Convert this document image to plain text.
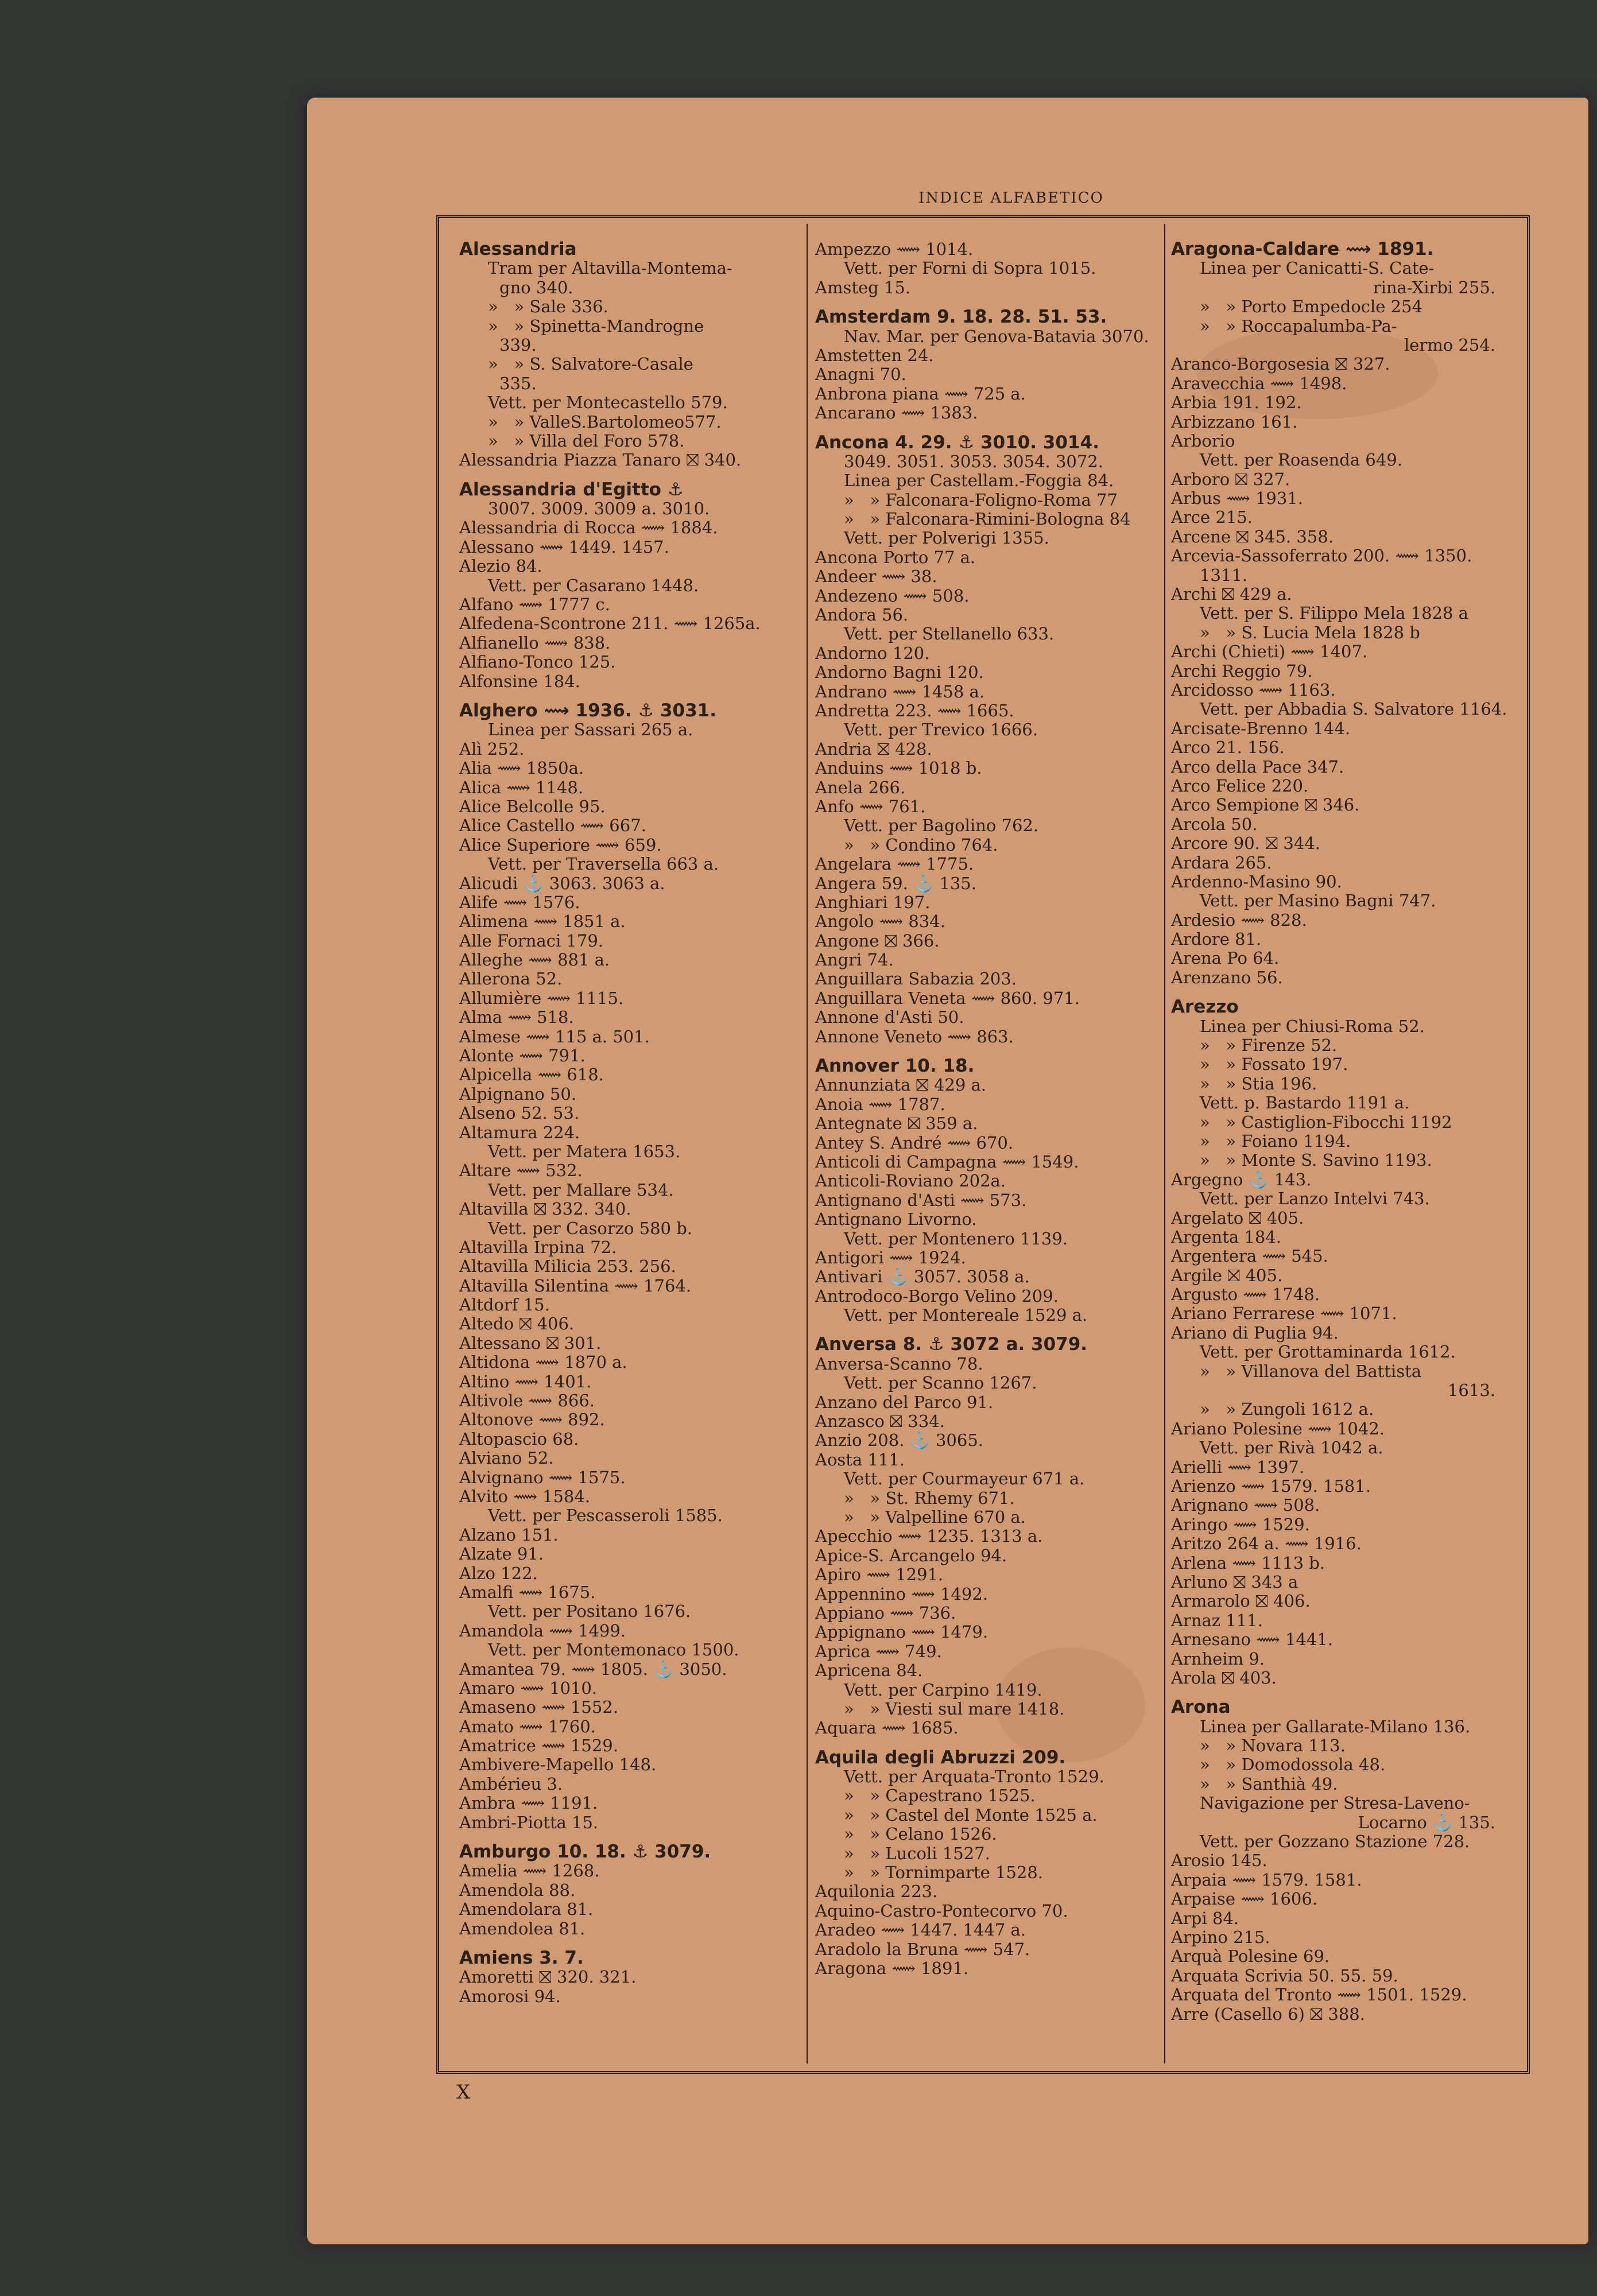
INDICE ALFABETICO
Alessandria
Tram per Altavilla-Montema-
gno 340.
»   » Sale 336.
»   » Spinetta-Mandrogne
339.
»   » S. Salvatore-Casale
335.
Vett. per Montecastello 579.
»   » ValleS.Bartolomeo577.
»   » Villa del Foro 578.
Alessandria Piazza Tanaro ⛝ 340.
Alessandria d'Egitto ⚓
3007. 3009. 3009 a. 3010.
Alessandria di Rocca ⟿ 1884.
Alessano ⟿ 1449. 1457.
Alezio 84.
Vett. per Casarano 1448.
Alfano ⟿ 1777 c.
Alfedena-Scontrone 211. ⟿ 1265a.
Alfianello ⟿ 838.
Alfiano-Tonco 125.
Alfonsine 184.
Alghero ⟿ 1936. ⚓ 3031.
Linea per Sassari 265 a.
Alì 252.
Alia ⟿ 1850a.
Alica ⟿ 1148.
Alice Belcolle 95.
Alice Castello ⟿ 667.
Alice Superiore ⟿ 659.
Vett. per Traversella 663 a.
Alicudi ⚓ 3063. 3063 a.
Alife ⟿ 1576.
Alimena ⟿ 1851 a.
Alle Fornaci 179.
Alleghe ⟿ 881 a.
Allerona 52.
Allumière ⟿ 1115.
Alma ⟿ 518.
Almese ⟿ 115 a. 501.
Alonte ⟿ 791.
Alpicella ⟿ 618.
Alpignano 50.
Alseno 52. 53.
Altamura 224.
Vett. per Matera 1653.
Altare ⟿ 532.
Vett. per Mallare 534.
Altavilla ⛝ 332. 340.
Vett. per Casorzo 580 b.
Altavilla Irpina 72.
Altavilla Milicia 253. 256.
Altavilla Silentina ⟿ 1764.
Altdorf 15.
Altedo ⛝ 406.
Altessano ⛝ 301.
Altidona ⟿ 1870 a.
Altino ⟿ 1401.
Altivole ⟿ 866.
Altonove ⟿ 892.
Altopascio 68.
Alviano 52.
Alvignano ⟿ 1575.
Alvito ⟿ 1584.
Vett. per Pescasseroli 1585.
Alzano 151.
Alzate 91.
Alzo 122.
Amalfi ⟿ 1675.
Vett. per Positano 1676.
Amandola ⟿ 1499.
Vett. per Montemonaco 1500.
Amantea 79. ⟿ 1805. ⚓ 3050.
Amaro ⟿ 1010.
Amaseno ⟿ 1552.
Amato ⟿ 1760.
Amatrice ⟿ 1529.
Ambivere-Mapello 148.
Ambérieu 3.
Ambra ⟿ 1191.
Ambri-Piotta 15.
Amburgo 10. 18. ⚓ 3079.
Amelia ⟿ 1268.
Amendola 88.
Amendolara 81.
Amendolea 81.
Amiens 3. 7.
Amoretti ⛝ 320. 321.
Amorosi 94.
Ampezzo ⟿ 1014.
Vett. per Forni di Sopra 1015.
Amsteg 15.
Amsterdam 9. 18. 28. 51. 53.
Nav. Mar. per Genova-Batavia 3070.
Amstetten 24.
Anagni 70.
Anbrona piana ⟿ 725 a.
Ancarano ⟿ 1383.
Ancona 4. 29. ⚓ 3010. 3014.
3049. 3051. 3053. 3054. 3072.
Linea per Castellam.-Foggia 84.
»   » Falconara-Foligno-Roma 77
»   » Falconara-Rimini-Bologna 84
Vett. per Polverigi 1355.
Ancona Porto 77 a.
Andeer ⟿ 38.
Andezeno ⟿ 508.
Andora 56.
Vett. per Stellanello 633.
Andorno 120.
Andorno Bagni 120.
Andrano ⟿ 1458 a.
Andretta 223. ⟿ 1665.
Vett. per Trevico 1666.
Andria ⛝ 428.
Anduins ⟿ 1018 b.
Anela 266.
Anfo ⟿ 761.
Vett. per Bagolino 762.
»   » Condino 764.
Angelara ⟿ 1775.
Angera 59. ⚓ 135.
Anghiari 197.
Angolo ⟿ 834.
Angone ⛝ 366.
Angri 74.
Anguillara Sabazia 203.
Anguillara Veneta ⟿ 860. 971.
Annone d'Asti 50.
Annone Veneto ⟿ 863.
Annover 10. 18.
Annunziata ⛝ 429 a.
Anoia ⟿ 1787.
Antegnate ⛝ 359 a.
Antey S. André ⟿ 670.
Anticoli di Campagna ⟿ 1549.
Anticoli-Roviano 202a.
Antignano d'Asti ⟿ 573.
Antignano Livorno.
Vett. per Montenero 1139.
Antigori ⟿ 1924.
Antivari ⚓ 3057. 3058 a.
Antrodoco-Borgo Velino 209.
Vett. per Montereale 1529 a.
Anversa 8. ⚓ 3072 a. 3079.
Anversa-Scanno 78.
Vett. per Scanno 1267.
Anzano del Parco 91.
Anzasco ⛝ 334.
Anzio 208. ⚓ 3065.
Aosta 111.
Vett. per Courmayeur 671 a.
»   » St. Rhemy 671.
»   » Valpelline 670 a.
Apecchio ⟿ 1235. 1313 a.
Apice-S. Arcangelo 94.
Apiro ⟿ 1291.
Appennino ⟿ 1492.
Appiano ⟿ 736.
Appignano ⟿ 1479.
Aprica ⟿ 749.
Apricena 84.
Vett. per Carpino 1419.
»   » Viesti sul mare 1418.
Aquara ⟿ 1685.
Aquila degli Abruzzi 209.
Vett. per Arquata-Tronto 1529.
»   » Capestrano 1525.
»   » Castel del Monte 1525 a.
»   » Celano 1526.
»   » Lucoli 1527.
»   » Tornimparte 1528.
Aquilonia 223.
Aquino-Castro-Pontecorvo 70.
Aradeo ⟿ 1447. 1447 a.
Aradolo la Bruna ⟿ 547.
Aragona ⟿ 1891.
Aragona-Caldare ⟿ 1891.
Linea per Canicatti-S. Cate-
rina-Xirbi 255.
»   » Porto Empedocle 254
»   » Roccapalumba-Pa-
lermo 254.
Aranco-Borgosesia ⛝ 327.
Aravecchia ⟿ 1498.
Arbia 191. 192.
Arbizzano 161.
Arborio
Vett. per Roasenda 649.
Arboro ⛝ 327.
Arbus ⟿ 1931.
Arce 215.
Arcene ⛝ 345. 358.
Arcevia-Sassoferrato 200. ⟿ 1350.
1311.
Archi ⛝ 429 a.
Vett. per S. Filippo Mela 1828 a
»   » S. Lucia Mela 1828 b
Archi (Chieti) ⟿ 1407.
Archi Reggio 79.
Arcidosso ⟿ 1163.
Vett. per Abbadia S. Salvatore 1164.
Arcisate-Brenno 144.
Arco 21. 156.
Arco della Pace 347.
Arco Felice 220.
Arco Sempione ⛝ 346.
Arcola 50.
Arcore 90. ⛝ 344.
Ardara 265.
Ardenno-Masino 90.
Vett. per Masino Bagni 747.
Ardesio ⟿ 828.
Ardore 81.
Arena Po 64.
Arenzano 56.
Arezzo
Linea per Chiusi-Roma 52.
»   » Firenze 52.
»   » Fossato 197.
»   » Stia 196.
Vett. p. Bastardo 1191 a.
»   » Castiglion-Fibocchi 1192
»   » Foiano 1194.
»   » Monte S. Savino 1193.
Argegno ⚓ 143.
Vett. per Lanzo Intelvi 743.
Argelato ⛝ 405.
Argenta 184.
Argentera ⟿ 545.
Argile ⛝ 405.
Argusto ⟿ 1748.
Ariano Ferrarese ⟿ 1071.
Ariano di Puglia 94.
Vett. per Grottaminarda 1612.
»   » Villanova del Battista
1613.
»   » Zungoli 1612 a.
Ariano Polesine ⟿ 1042.
Vett. per Rivà 1042 a.
Arielli ⟿ 1397.
Arienzo ⟿ 1579. 1581.
Arignano ⟿ 508.
Aringo ⟿ 1529.
Aritzo 264 a. ⟿ 1916.
Arlena ⟿ 1113 b.
Arluno ⛝ 343 a
Armarolo ⛝ 406.
Arnaz 111.
Arnesano ⟿ 1441.
Arnheim 9.
Arola ⛝ 403.
Arona
Linea per Gallarate-Milano 136.
»   » Novara 113.
»   » Domodossola 48.
»   » Santhià 49.
Navigazione per Stresa-Laveno-
Locarno ⚓ 135.
Vett. per Gozzano Stazione 728.
Arosio 145.
Arpaia ⟿ 1579. 1581.
Arpaise ⟿ 1606.
Arpi 84.
Arpino 215.
Arquà Polesine 69.
Arquata Scrivia 50. 55. 59.
Arquata del Tronto ⟿ 1501. 1529.
Arre (Casello 6) ⛝ 388.
X
